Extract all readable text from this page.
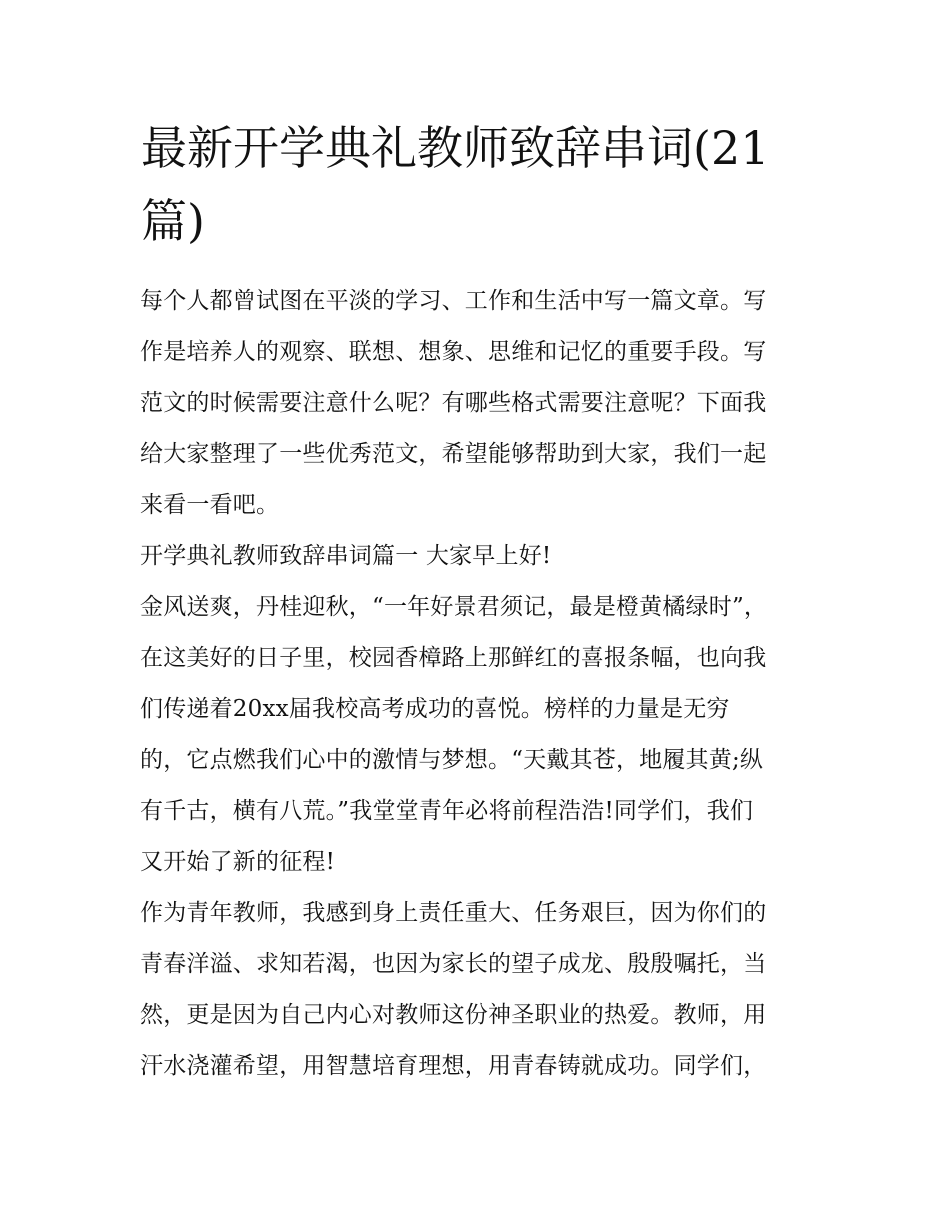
最新开学典礼教师致辞串词(21篇)

每个人都曾试图在平淡的学习、工作和生活中写一篇文章。写

作是培养人的观察、联想、想象、思维和记忆的重要手段。写

范文的时候需要注意什么呢？有哪些格式需要注意呢？下面我

给大家整理了一些优秀范文，希望能够帮助到大家，我们一起

来看一看吧。

开学典礼教师致辞串词篇一 大家早上好!

金风送爽，丹桂迎秋，“一年好景君须记，最是橙黄橘绿时”，

在这美好的日子里，校园香樟路上那鲜红的喜报条幅，也向我

们传递着20xx届我校高考成功的喜悦。榜样的力量是无穷

的，它点燃我们心中的激情与梦想。“天戴其苍，地履其黄;纵

有千古，横有八荒。”我堂堂青年必将前程浩浩!同学们，我们

又开始了新的征程!

作为青年教师，我感到身上责任重大、任务艰巨，因为你们的

青春洋溢、求知若渴，也因为家长的望子成龙、殷殷嘱托，当

然，更是因为自己内心对教师这份神圣职业的热爱。教师，用

汗水浇灌希望，用智慧培育理想，用青春铸就成功。同学们，
